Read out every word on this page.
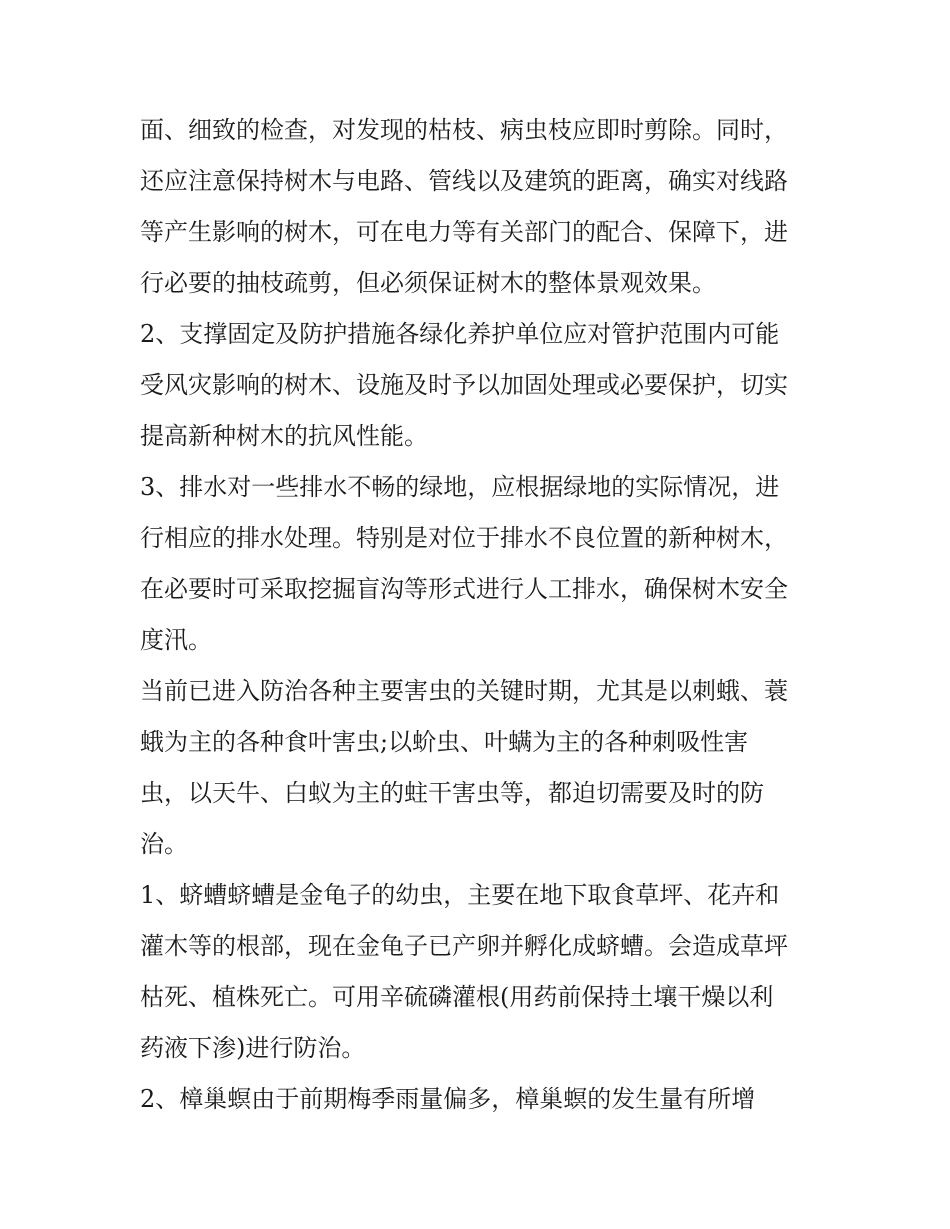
面、细致的检查，对发现的枯枝、病虫枝应即时剪除。同时，
还应注意保持树木与电路、管线以及建筑的距离，确实对线路
等产生影响的树木，可在电力等有关部门的配合、保障下，进
行必要的抽枝疏剪，但必须保证树木的整体景观效果。
2、支撑固定及防护措施各绿化养护单位应对管护范围内可能
受风灾影响的树木、设施及时予以加固处理或必要保护，切实
提高新种树木的抗风性能。
3、排水对一些排水不畅的绿地，应根据绿地的实际情况，进
行相应的排水处理。特别是对位于排水不良位置的新种树木，
在必要时可采取挖掘盲沟等形式进行人工排水，确保树木安全
度汛。
当前已进入防治各种主要害虫的关键时期，尤其是以刺蛾、蓑
蛾为主的各种食叶害虫;以蚧虫、叶螨为主的各种刺吸性害
虫，以天牛、白蚁为主的蛀干害虫等，都迫切需要及时的防
治。
1、蛴螬蛴螬是金龟子的幼虫，主要在地下取食草坪、花卉和
灌木等的根部，现在金龟子已产卵并孵化成蛴螬。会造成草坪
枯死、植株死亡。可用辛硫磷灌根(用药前保持土壤干燥以利
药液下渗)进行防治。
2、樟巢螟由于前期梅季雨量偏多，樟巢螟的发生量有所增
